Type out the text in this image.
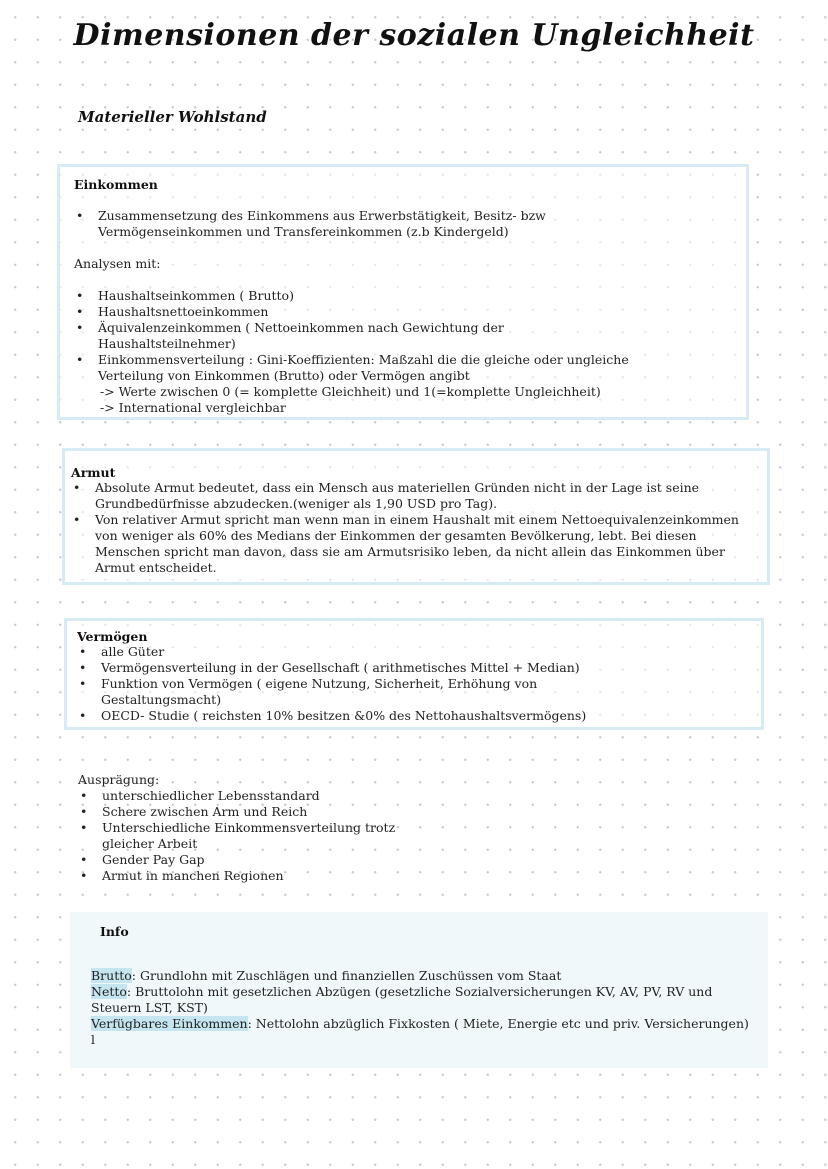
Dimensionen der sozialen Ungleichheit
Materieller Wohlstand

Einkommen

• Zusammensetzung des Einkommens aus Erwerbstätigkeit, Besitz- bzw Vermögenseinkommen und Transfereinkommen (z.b Kindergeld)

Analysen mit:

• Haushaltseinkommen ( Brutto)
• Haushaltsnettoeinkommen
• Äquivalenzeinkommen ( Nettoeinkommen nach Gewichtung der Haushaltsteilnehmer)
• Einkommensverteilung : Gini-Koeffizienten: Maßzahl die die gleiche oder ungleiche Verteilung von Einkommen (Brutto) oder Vermögen angibt

-> Werte zwischen 0 (= komplette Gleichheit) und 1(=komplette Ungleichheit)

-> International vergleichbar

Armut

• Absolute Armut bedeutet, dass ein Mensch aus materiellen Gründen nicht in der Lage ist seine Grundbedürfnisse abzudecken.(weniger als 1,90 USD pro Tag).
• Von relativer Armut spricht man wenn man in einem Haushalt mit einem Nettoequivalenzeinkommen von weniger als 60% des Medians der Einkommen der gesamten Bevölkerung, lebt. Bei diesen Menschen spricht man davon, dass sie am Armutsrisiko leben, da nicht allein das Einkommen über Armut entscheidet.

Vermögen

• alle Güter
• Vermögensverteilung in der Gesellschaft ( arithmetisches Mittel + Median)
• Funktion von Vermögen ( eigene Nutzung, Sicherheit, Erhöhung von Gestaltungsmacht)
• OECD- Studie ( reichsten 10% besitzen &0% des Nettohaushaltsvermögens)

Ausprägung:

• unterschiedlicher Lebensstandard
• Schere zwischen Arm und Reich
• Unterschiedliche Einkommensverteilung trotz gleicher Arbeit
• Gender Pay Gap
• Armut in manchen Regionen

Info

Brutto: Grundlohn mit Zuschlägen und finanziellen Zuschüssen vom Staat

Netto: Bruttolohn mit gesetzlichen Abzügen (gesetzliche Sozialversicherungen KV, AV, PV, RV und Steuern LST, KST)

Verfügbares Einkommen: Nettolohn abzüglich Fixkosten ( Miete, Energie etc und priv. Versicherungen) l
